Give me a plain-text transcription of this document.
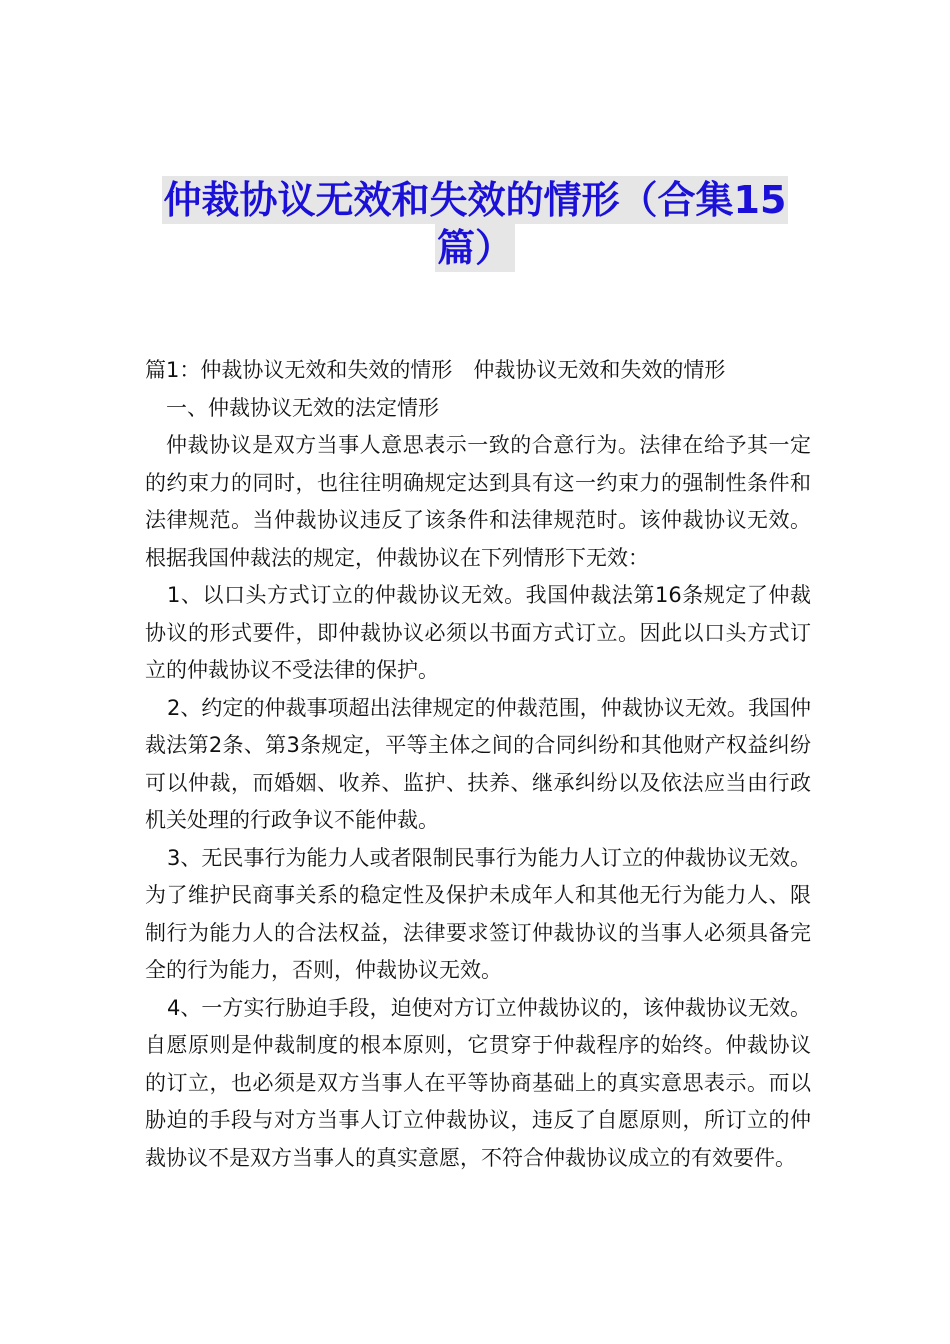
仲裁协议无效和失效的情形（合集15
篇）

篇1：仲裁协议无效和失效的情形　仲裁协议无效和失效的情形

一、仲裁协议无效的法定情形

仲裁协议是双方当事人意思表示一致的合意行为。法律在给予其一定的约束力的同时，也往往明确规定达到具有这一约束力的强制性条件和法律规范。当仲裁协议违反了该条件和法律规范时。该仲裁协议无效。根据我国仲裁法的规定，仲裁协议在下列情形下无效：

1、以口头方式订立的仲裁协议无效。我国仲裁法第16条规定了仲裁协议的形式要件，即仲裁协议必须以书面方式订立。因此以口头方式订立的仲裁协议不受法律的保护。

2、约定的仲裁事项超出法律规定的仲裁范围，仲裁协议无效。我国仲裁法第2条、第3条规定，平等主体之间的合同纠纷和其他财产权益纠纷可以仲裁，而婚姻、收养、监护、扶养、继承纠纷以及依法应当由行政机关处理的行政争议不能仲裁。

3、无民事行为能力人或者限制民事行为能力人订立的仲裁协议无效。为了维护民商事关系的稳定性及保护未成年人和其他无行为能力人、限制行为能力人的合法权益，法律要求签订仲裁协议的当事人必须具备完全的行为能力，否则，仲裁协议无效。

4、一方实行胁迫手段，迫使对方订立仲裁协议的，该仲裁协议无效。自愿原则是仲裁制度的根本原则，它贯穿于仲裁程序的始终。仲裁协议的订立，也必须是双方当事人在平等协商基础上的真实意思表示。而以胁迫的手段与对方当事人订立仲裁协议，违反了自愿原则，所订立的仲裁协议不是双方当事人的真实意愿，不符合仲裁协议成立的有效要件。
